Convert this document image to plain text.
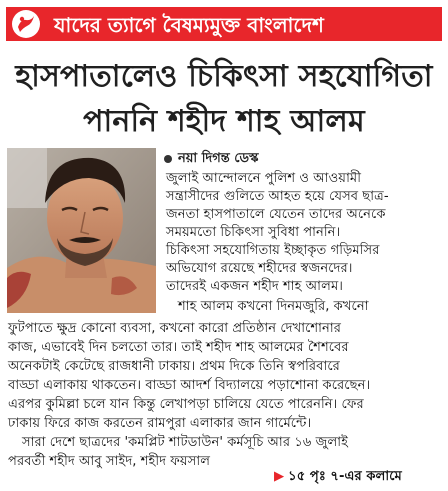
যাদের ত্যাগে বৈষম্যমুক্ত বাংলাদেশ
হাসপাতালেও চিকিৎসা সহযোগিতা
পাননি শহীদ শাহ আলম
নয়া দিগন্ত ডেস্ক
জুলাই আন্দোলনে পুলিশ ও আওয়ামী
সন্ত্রাসীদের গুলিতে আহত হয়ে যেসব ছাত্র-
জনতা হাসপাতালে যেতেন তাদের অনেকে
সময়মতো চিকিৎসা সুবিধা পাননি।
চিকিৎসা সহযোগিতায় ইচ্ছাকৃত গড়িমসির
অভিযোগ রয়েছে শহীদের স্বজনদের।
তাদেরই একজন শহীদ শাহ আলম।
শাহ আলম কখনো দিনমজুরি, কখনো
ফুটপাতে ক্ষুদ্র কোনো ব্যবসা, কখনো কারো প্রতিষ্ঠান দেখাশোনার
কাজ, এভাবেই দিন চলতো তার। তাই শহীদ শাহ আলমের শৈশবের
অনেকটাই কেটেছে রাজধানী ঢাকায়। প্রথম দিকে তিনি স্বপরিবারে
বাড্ডা এলাকায় থাকতেন। বাড্ডা আদর্শ বিদ্যালয়ে পড়াশোনা করেছেন।
এরপর কুমিল্লা চলে যান কিন্তু লেখাপড়া চালিয়ে যেতে পারেননি। ফের
ঢাকায় ফিরে কাজ করতেন রামপুরা এলাকার জান গার্মেন্টে।
সারা দেশে ছাত্রদের 'কমপ্লিট শাটডাউন' কর্মসূচি আর ১৬ জুলাই
পরবর্তী শহীদ আবু সাইদ, শহীদ ফয়সাল
▶ ১৫ পৃঃ ৭-এর কলামে
